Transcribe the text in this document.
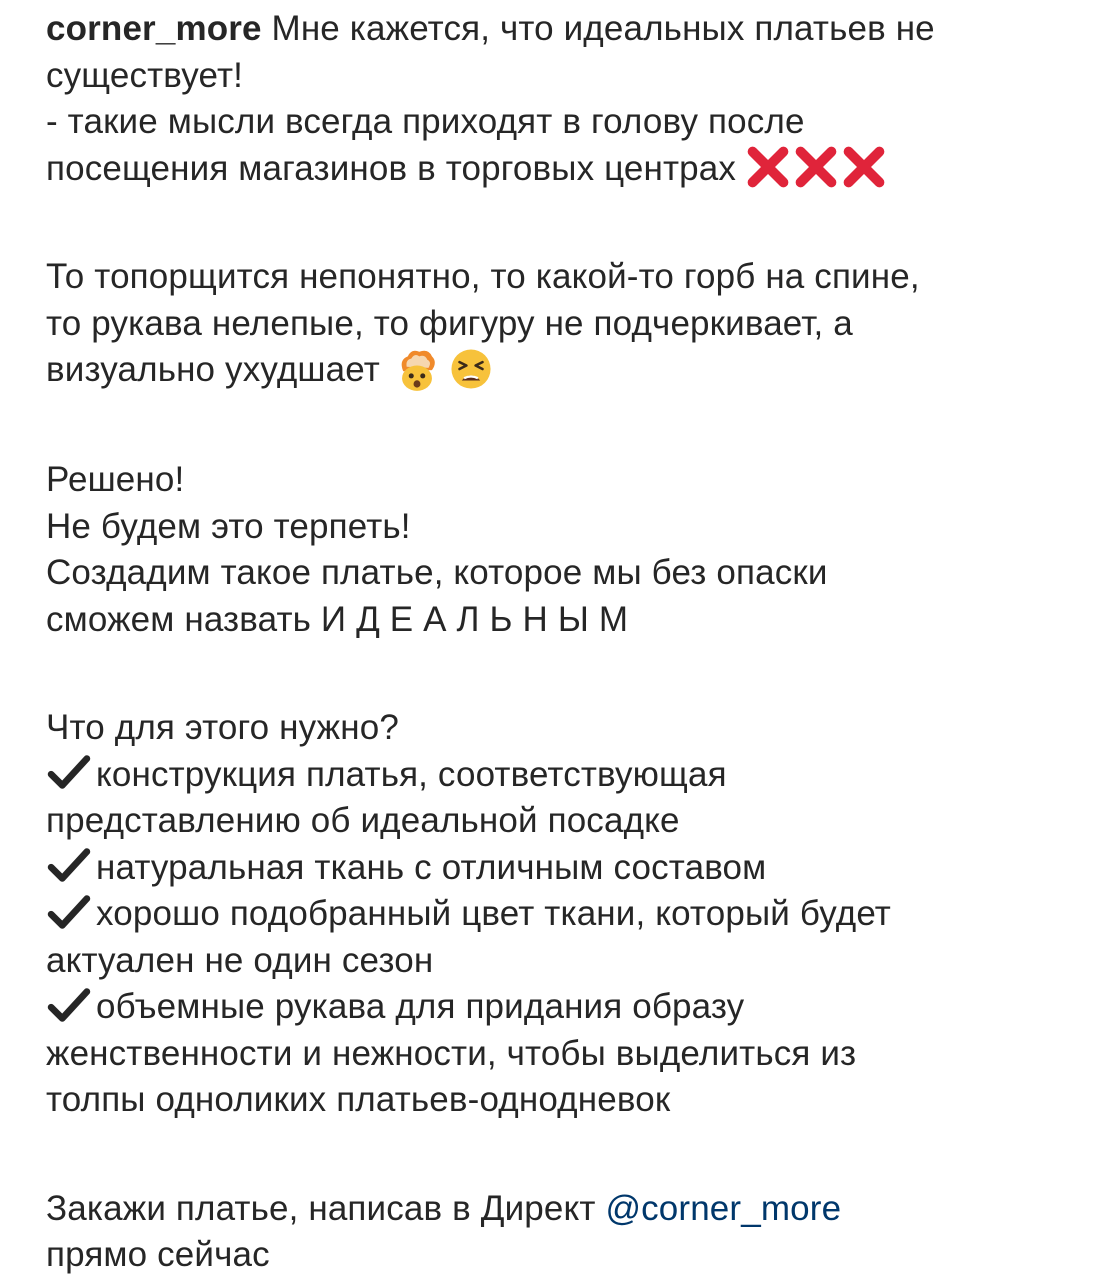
corner_more Мне кажется, что идеальных платьев не
существует!
- такие мысли всегда приходят в голову после
посещения магазинов в торговых центрах
То топорщится непонятно, то какой-то горб на спине,
то рукава нелепые, то фигуру не подчеркивает, а
визуально ухудшает
Решено!
Не будем это терпеть!
Создадим такое платье, которое мы без опаски
сможем назвать И Д Е А Л Ь Н Ы М
Что для этого нужно?
конструкция платья, соответствующая
представлению об идеальной посадке
натуральная ткань с отличным составом
хорошо подобранный цвет ткани, который будет
актуален не один сезон
объемные рукава для придания образу
женственности и нежности, чтобы выделиться из
толпы одноликих платьев-однодневок
Закажи платье, написав в Директ @corner_more
прямо сейчас
